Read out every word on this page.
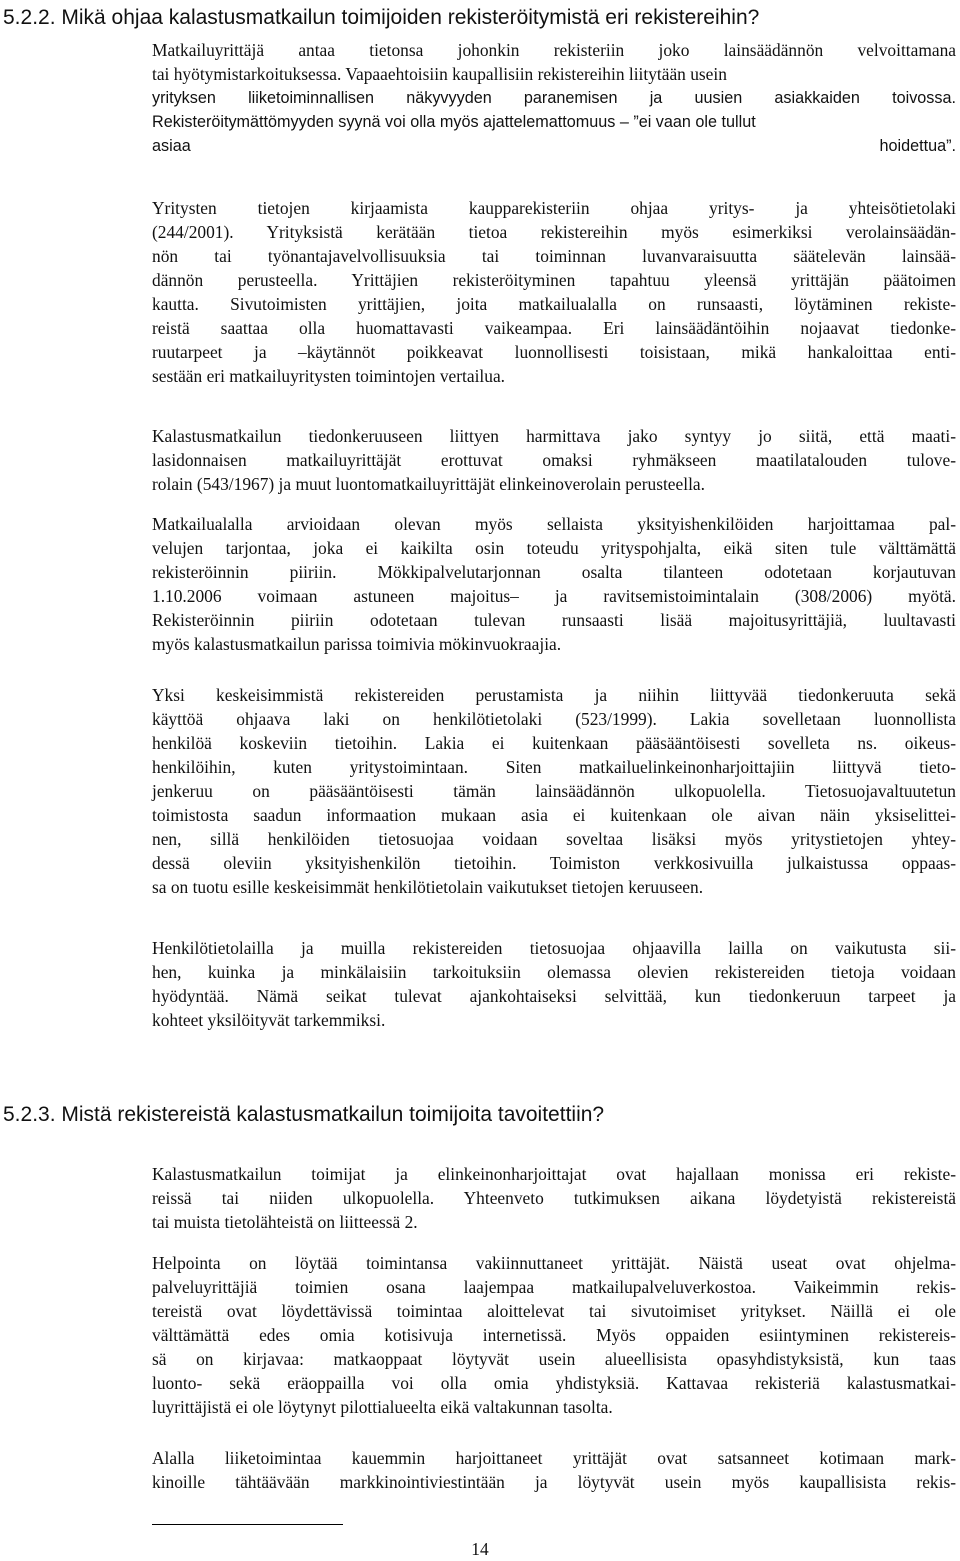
5.2.2. Mikä ohjaa kalastusmatkailun toimijoiden rekisteröitymistä eri rekistereihin?

Matkailuyrittäjä antaa tietonsa johonkin rekisteriin joko lainsäädännön velvoittamana

tai hyötymistarkoituksessa. Vapaaehtoisiin kaupallisiin rekistereihin liitytään usein

yrityksen liiketoiminnallisen näkyvyyden paranemisen ja uusien asiakkaiden toivossa.

Rekisteröitymättömyyden syynä voi olla myös ajattelemattomuus – ”ei vaan ole tullut

asiaa hoidettua”.

Yritysten tietojen kirjaamista kaupparekisteriin ohjaa yritys- ja yhteisötietolaki

(244/2001). Yrityksistä kerätään tietoa rekistereihin myös esimerkiksi verolainsäädän-

nön tai työnantajavelvollisuuksia tai toiminnan luvanvaraisuutta säätelevän lainsää-

dännön perusteella. Yrittäjien rekisteröityminen tapahtuu yleensä yrittäjän päätoimen

kautta. Sivutoimisten yrittäjien, joita matkailualalla on runsaasti, löytäminen rekiste-

reistä saattaa olla huomattavasti vaikeampaa. Eri lainsäädäntöihin nojaavat tiedonke-

ruutarpeet ja –käytännöt poikkeavat luonnollisesti toisistaan, mikä hankaloittaa enti-

sestään eri matkailuyritysten toimintojen vertailua.

Kalastusmatkailun tiedonkeruuseen liittyen harmittava jako syntyy jo siitä, että maati-

lasidonnaisen matkailuyrittäjät erottuvat omaksi ryhmäkseen maatilatalouden tulove-

rolain (543/1967) ja muut luontomatkailuyrittäjät elinkeinoverolain perusteella.

Matkailualalla arvioidaan olevan myös sellaista yksityishenkilöiden harjoittamaa pal-

velujen tarjontaa, joka ei kaikilta osin toteudu yrityspohjalta, eikä siten tule välttämättä

rekisteröinnin piiriin. Mökkipalvelutarjonnan osalta tilanteen odotetaan korjautuvan

1.10.2006 voimaan astuneen majoitus– ja ravitsemistoimintalain (308/2006) myötä.

Rekisteröinnin piiriin odotetaan tulevan runsaasti lisää majoitusyrittäjiä, luultavasti

myös kalastusmatkailun parissa toimivia mökinvuokraajia.

Yksi keskeisimmistä rekistereiden perustamista ja niihin liittyvää tiedonkeruuta sekä

käyttöä ohjaava laki on henkilötietolaki (523/1999). Lakia sovelletaan luonnollista

henkilöä koskeviin tietoihin. Lakia ei kuitenkaan pääsääntöisesti sovelleta ns. oikeus-

henkilöihin, kuten yritystoimintaan. Siten matkailuelinkeinonharjoittajiin liittyvä tieto-

jenkeruu on pääsääntöisesti tämän lainsäädännön ulkopuolella. Tietosuojavaltuutetun

toimistosta saadun informaation mukaan asia ei kuitenkaan ole aivan näin yksiselittei-

nen, sillä henkilöiden tietosuojaa voidaan soveltaa lisäksi myös yritystietojen yhtey-

dessä oleviin yksityishenkilön tietoihin. Toimiston verkkosivuilla julkaistussa oppaas-

sa on tuotu esille keskeisimmät henkilötietolain vaikutukset tietojen keruuseen.

Henkilötietolailla ja muilla rekistereiden tietosuojaa ohjaavilla lailla on vaikutusta sii-

hen, kuinka ja minkälaisiin tarkoituksiin olemassa olevien rekistereiden tietoja voidaan

hyödyntää. Nämä seikat tulevat ajankohtaiseksi selvittää, kun tiedonkeruun tarpeet ja

kohteet yksilöityvät tarkemmiksi.

5.2.3. Mistä rekistereistä kalastusmatkailun toimijoita tavoitettiin?

Kalastusmatkailun toimijat ja elinkeinonharjoittajat ovat hajallaan monissa eri rekiste-

reissä tai niiden ulkopuolella. Yhteenveto tutkimuksen aikana löydetyistä rekistereistä

tai muista tietolähteistä on liitteessä 2.

Helpointa on löytää toimintansa vakiinnuttaneet yrittäjät. Näistä useat ovat ohjelma-

palveluyrittäjiä toimien osana laajempaa matkailupalveluverkostoa. Vaikeimmin rekis-

tereistä ovat löydettävissä toimintaa aloittelevat tai sivutoimiset yritykset. Näillä ei ole

välttämättä edes omia kotisivuja internetissä. Myös oppaiden esiintyminen rekistereis-

sä on kirjavaa: matkaoppaat löytyvät usein alueellisista opasyhdistyksistä, kun taas

luonto- sekä eräoppailla voi olla omia yhdistyksiä. Kattavaa rekisteriä kalastusmatkai-

luyrittäjistä ei ole löytynyt pilottialueelta eikä valtakunnan tasolta.

Alalla liiketoimintaa kauemmin harjoittaneet yrittäjät ovat satsanneet kotimaan mark-

kinoille tähtäävään markkinointiviestintään ja löytyvät usein myös kaupallisista rekis-

14
